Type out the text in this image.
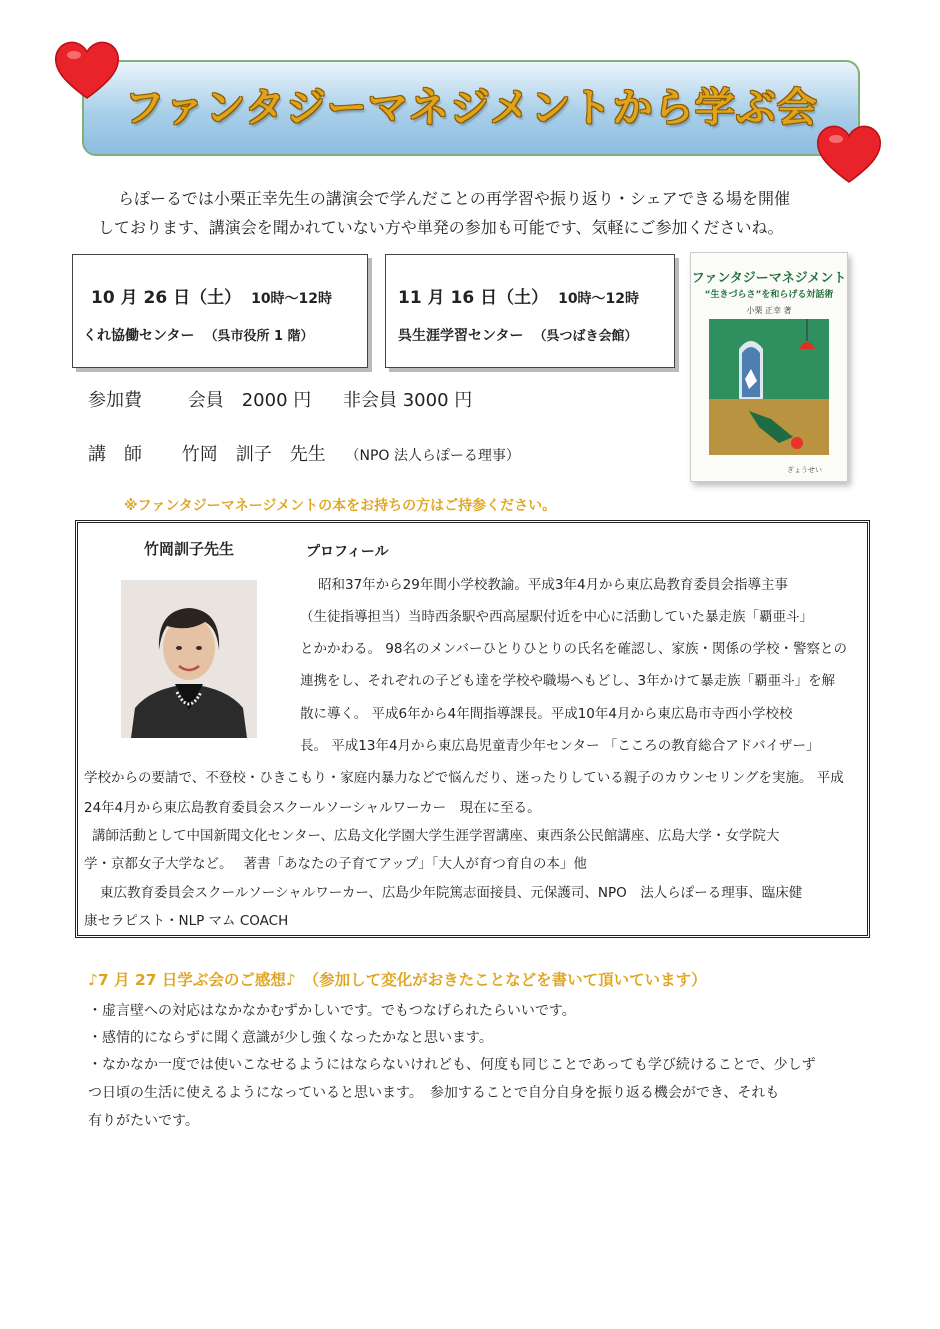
ファンタジーマネジメントから学ぶ会
らぽーるでは小栗正幸先生の講演会で学んだことの再学習や振り返り・シェアできる場を開催
しております、講演会を聞かれていない方や単発の参加も可能です、気軽にご参加くださいね。
10 月 26 日（土） 10時～12時
くれ協働センター （呉市役所 1 階）
11 月 16 日（土） 10時～12時
呉生涯学習センター （呉つばき会館）
ファンタジーマネジメント
“生きづらさ”を和らげる対話術
小栗 正幸 著
ぎょうせい
参加費	会員　2000 円 非会員 3000 円
講　師 竹岡　訓子　先生 （NPO 法人らぽーる理事）
※ファンタジーマネージメントの本をお持ちの方はご持参ください。
竹岡訓子先生	プロフィール
昭和37年から29年間小学校教諭。平成3年4月から東広島教育委員会指導主事
（生徒指導担当）当時西条駅や西高屋駅付近を中心に活動していた暴走族「覇亜斗」
とかかわる。 98名のメンバーひとりひとりの氏名を確認し、家族・関係の学校・警察との
連携をし、それぞれの子ども達を学校や職場へもどし、3年かけて暴走族「覇亜斗」を解
散に導く。 平成6年から4年間指導課長。平成10年4月から東広島市寺西小学校校
長。 平成13年4月から東広島児童青少年センター 「こころの教育総合アドバイザー」
学校からの要請で、不登校・ひきこもり・家庭内暴力などで悩んだり、迷ったりしている親子のカウンセリングを実施。 平成
24年4月から東広島教育委員会スクールソーシャルワーカー　現在に至る。
講師活動として中国新聞文化センター、広島文化学園大学生涯学習講座、東西条公民館講座、広島大学・女学院大
学・京都女子大学など。　 著書「あなたの子育てアップ」「大人が育つ育自の本」他
東広教育委員会スクールソーシャルワーカー、広島少年院篤志面接員、元保護司、NPO　法人らぽーる理事、臨床健
康セラピスト・NLP マム COACH
♪7 月 27 日学ぶ会のご感想♪　（参加して変化がおきたことなどを書いて頂いています）
・虚言壁への対応はなかなかむずかしいです。でもつなげられたらいいです。
・感情的にならずに聞く意識が少し強くなったかなと思います。
・なかなか一度では使いこなせるようにはならないけれども、何度も同じことであっても学び続けることで、少しず
つ日頃の生活に使えるようになっていると思います。　参加することで自分自身を振り返る機会ができ、それも
有りがたいです。
